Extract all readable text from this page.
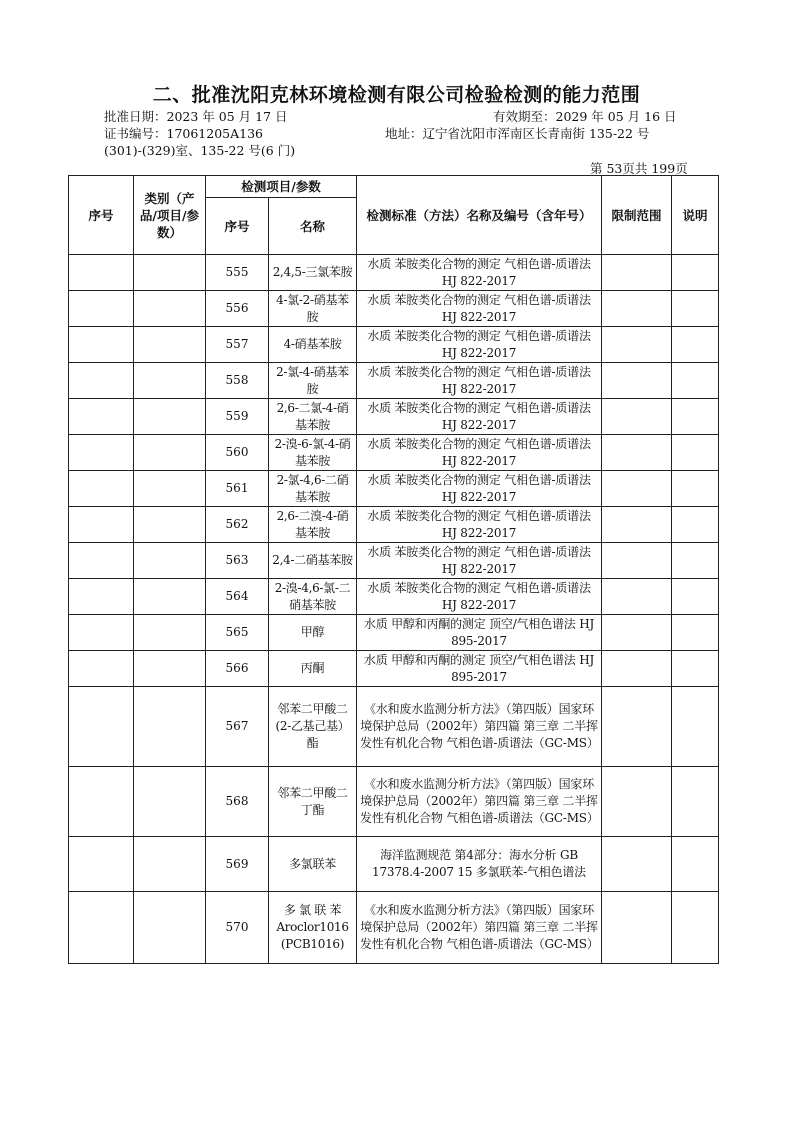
二、批准沈阳克林环境检测有限公司检验检测的能力范围
批准日期：2023 年 05 月 17 日	有效期至：2029 年 05 月 16 日
证书编号：17061205A136	地址：辽宁省沈阳市浑南区长青南街 135-22 号
(301)-(329)室、135-22 号(6 门)
第 53页共 199页
序号	类别（产品/项目/参数）	检测项目/参数		检测标准（方法）名称及编号（含年号）	限制范围	说明
		序号	名称			
		555	2,4,5-三氯苯胺	水质 苯胺类化合物的测定 气相色谱-质谱法 HJ 822-2017		
		556	4-氯-2-硝基苯胺	水质 苯胺类化合物的测定 气相色谱-质谱法 HJ 822-2017		
		557	4-硝基苯胺	水质 苯胺类化合物的测定 气相色谱-质谱法 HJ 822-2017		
		558	2-氯-4-硝基苯胺	水质 苯胺类化合物的测定 气相色谱-质谱法 HJ 822-2017		
		559	2,6-二氯-4-硝基苯胺	水质 苯胺类化合物的测定 气相色谱-质谱法 HJ 822-2017		
		560	2-溴-6-氯-4-硝基苯胺	水质 苯胺类化合物的测定 气相色谱-质谱法 HJ 822-2017		
		561	2-氯-4,6-二硝基苯胺	水质 苯胺类化合物的测定 气相色谱-质谱法 HJ 822-2017		
		562	2,6-二溴-4-硝基苯胺	水质 苯胺类化合物的测定 气相色谱-质谱法 HJ 822-2017		
		563	2,4-二硝基苯胺	水质 苯胺类化合物的测定 气相色谱-质谱法 HJ 822-2017		
		564	2-溴-4,6-氯-二硝基苯胺	水质 苯胺类化合物的测定 气相色谱-质谱法 HJ 822-2017		
		565	甲醇	水质 甲醇和丙酮的测定 顶空/气相色谱法 HJ 895-2017		
		566	丙酮	水质 甲醇和丙酮的测定 顶空/气相色谱法 HJ 895-2017		
		567	邻苯二甲酸二(2-乙基己基）酯	《水和废水监测分析方法》（第四版）国家环境保护总局（2002年）第四篇 第三章 二半挥发性有机化合物 气相色谱-质谱法（GC-MS）		
		568	邻苯二甲酸二丁酯	《水和废水监测分析方法》（第四版）国家环境保护总局（2002年）第四篇 第三章 二半挥发性有机化合物 气相色谱-质谱法（GC-MS）		
		569	多氯联苯	海洋监测规范 第4部分：海水分析 GB 17378.4-2007 15 多氯联苯-气相色谱法		
		570	多 氯 联 苯 Aroclor1016 (PCB1016)	《水和废水监测分析方法》（第四版）国家环境保护总局（2002年）第四篇 第三章 二半挥发性有机化合物 气相色谱-质谱法（GC-MS）		
